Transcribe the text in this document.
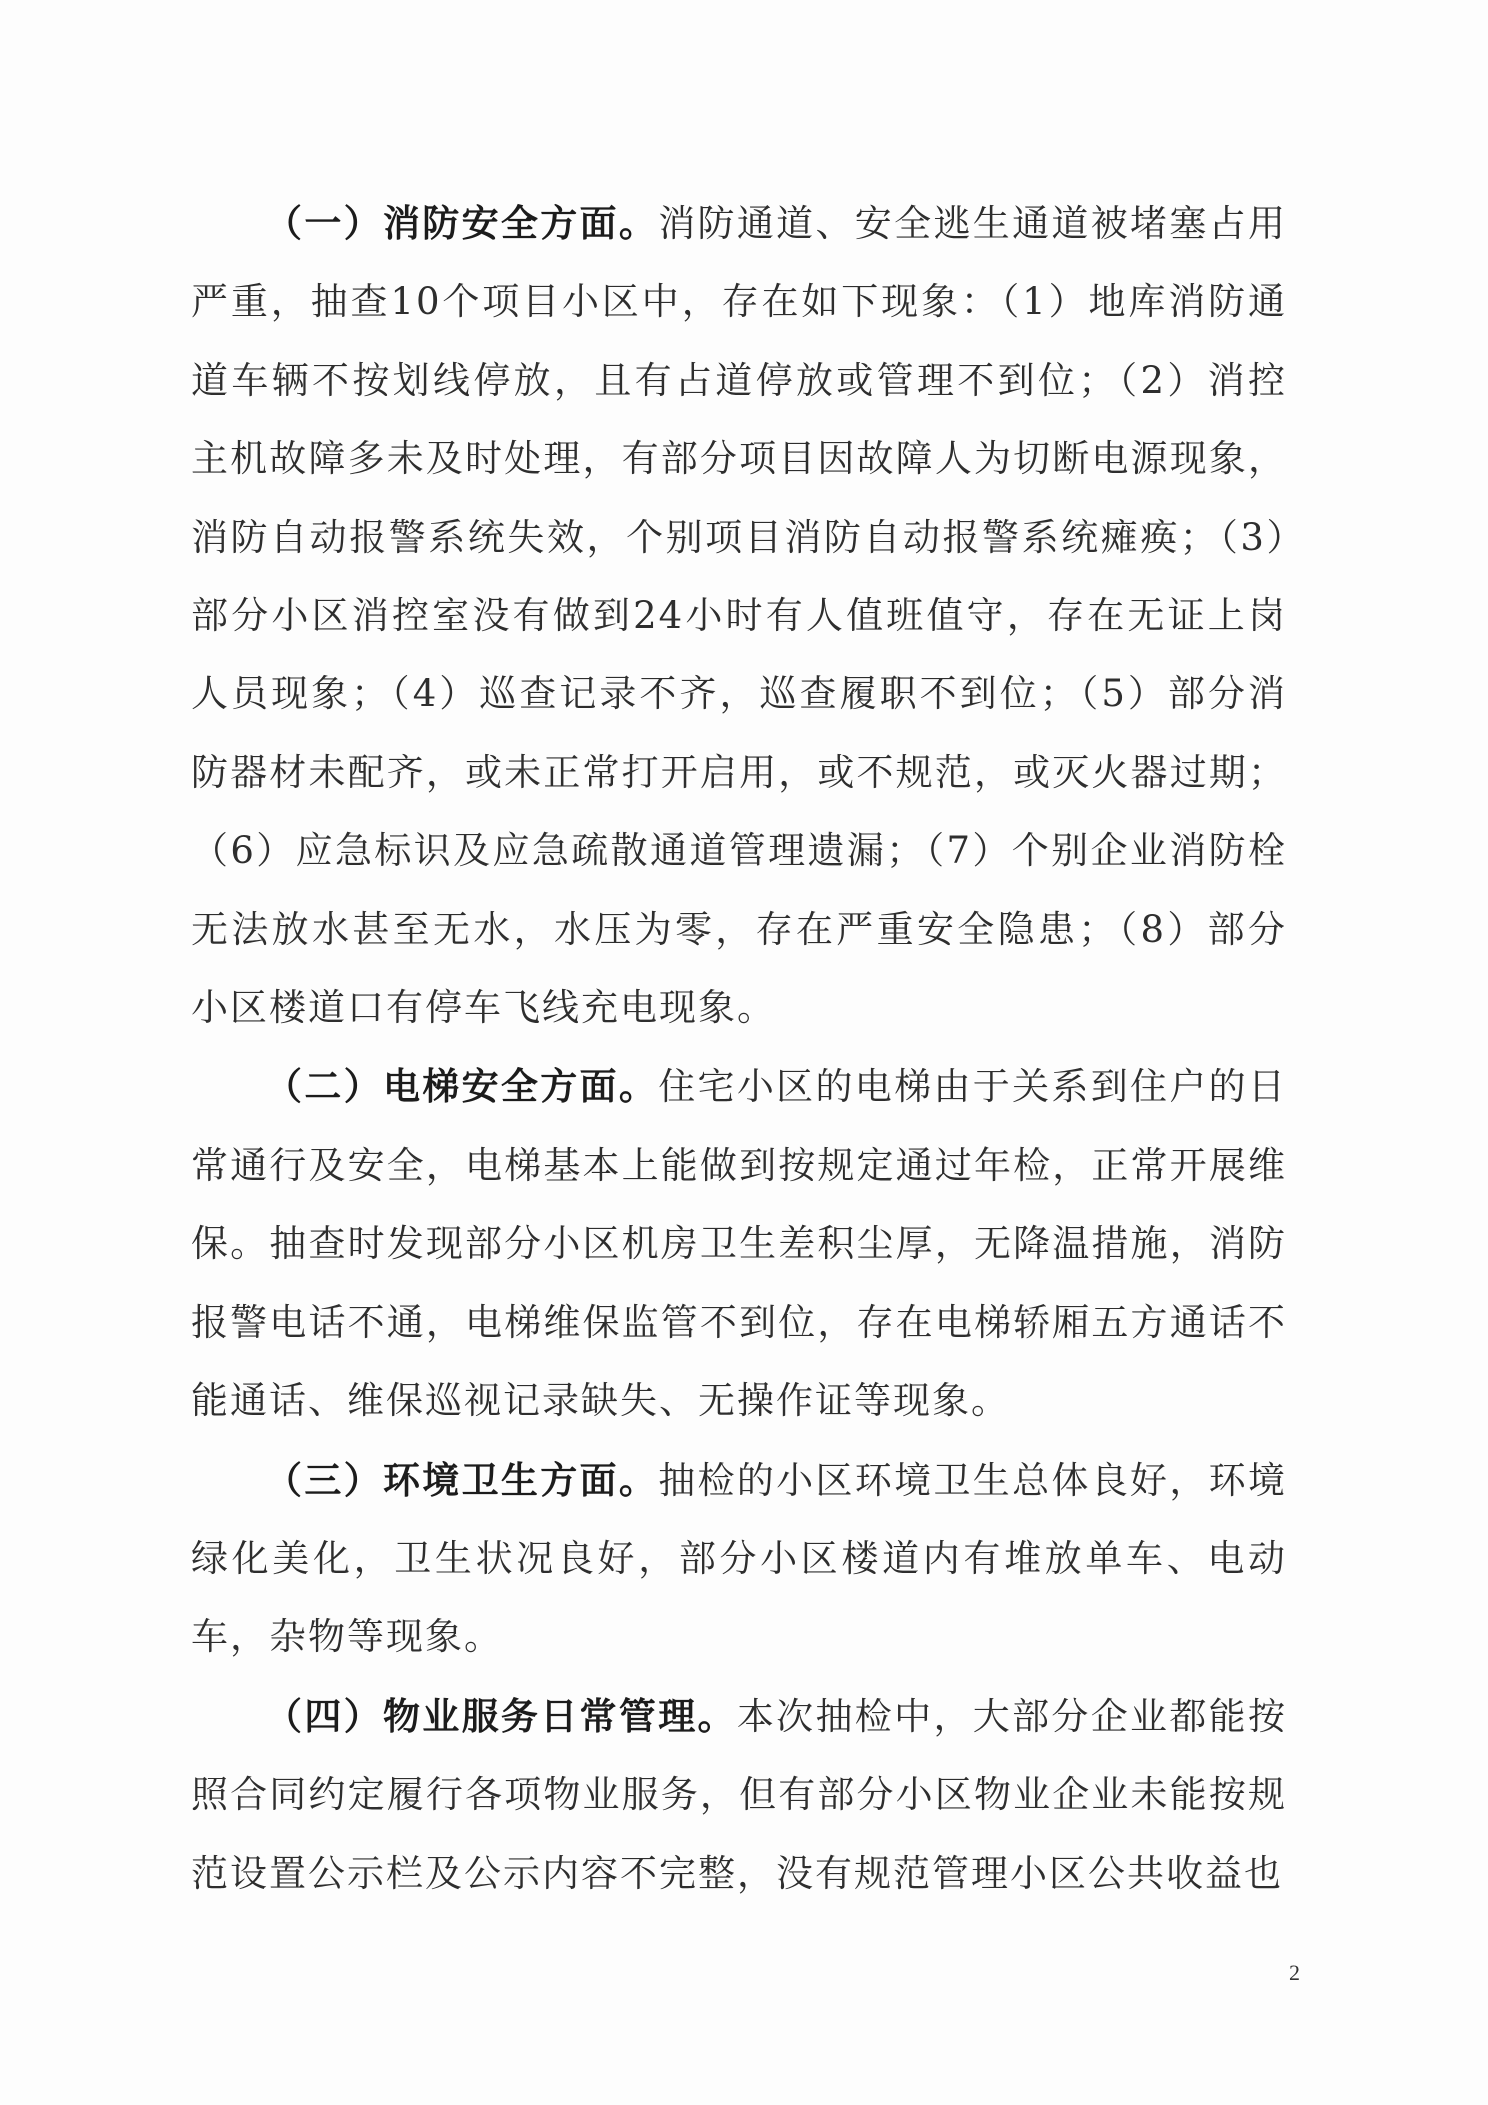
（一）消防安全方面。消防通道、安全逃生通道被堵塞占用严重，抽查10个项目小区中，存在如下现象：（1）地库消防通道车辆不按划线停放，且有占道停放或管理不到位；（2）消控主机故障多未及时处理，有部分项目因故障人为切断电源现象，消防自动报警系统失效，个别项目消防自动报警系统瘫痪；（3）部分小区消控室没有做到24小时有人值班值守，存在无证上岗人员现象；（4）巡查记录不齐，巡查履职不到位；（5）部分消防器材未配齐，或未正常打开启用，或不规范，或灭火器过期；（6）应急标识及应急疏散通道管理遗漏；（7）个别企业消防栓无法放水甚至无水，水压为零，存在严重安全隐患；（8）部分小区楼道口有停车飞线充电现象。

（二）电梯安全方面。住宅小区的电梯由于关系到住户的日常通行及安全，电梯基本上能做到按规定通过年检，正常开展维保。抽查时发现部分小区机房卫生差积尘厚，无降温措施，消防报警电话不通，电梯维保监管不到位，存在电梯轿厢五方通话不能通话、维保巡视记录缺失、无操作证等现象。

（三）环境卫生方面。抽检的小区环境卫生总体良好，环境绿化美化，卫生状况良好，部分小区楼道内有堆放单车、电动车，杂物等现象。

（四）物业服务日常管理。本次抽检中，大部分企业都能按照合同约定履行各项物业服务，但有部分小区物业企业未能按规范设置公示栏及公示内容不完整，没有规范管理小区公共收益也

2
